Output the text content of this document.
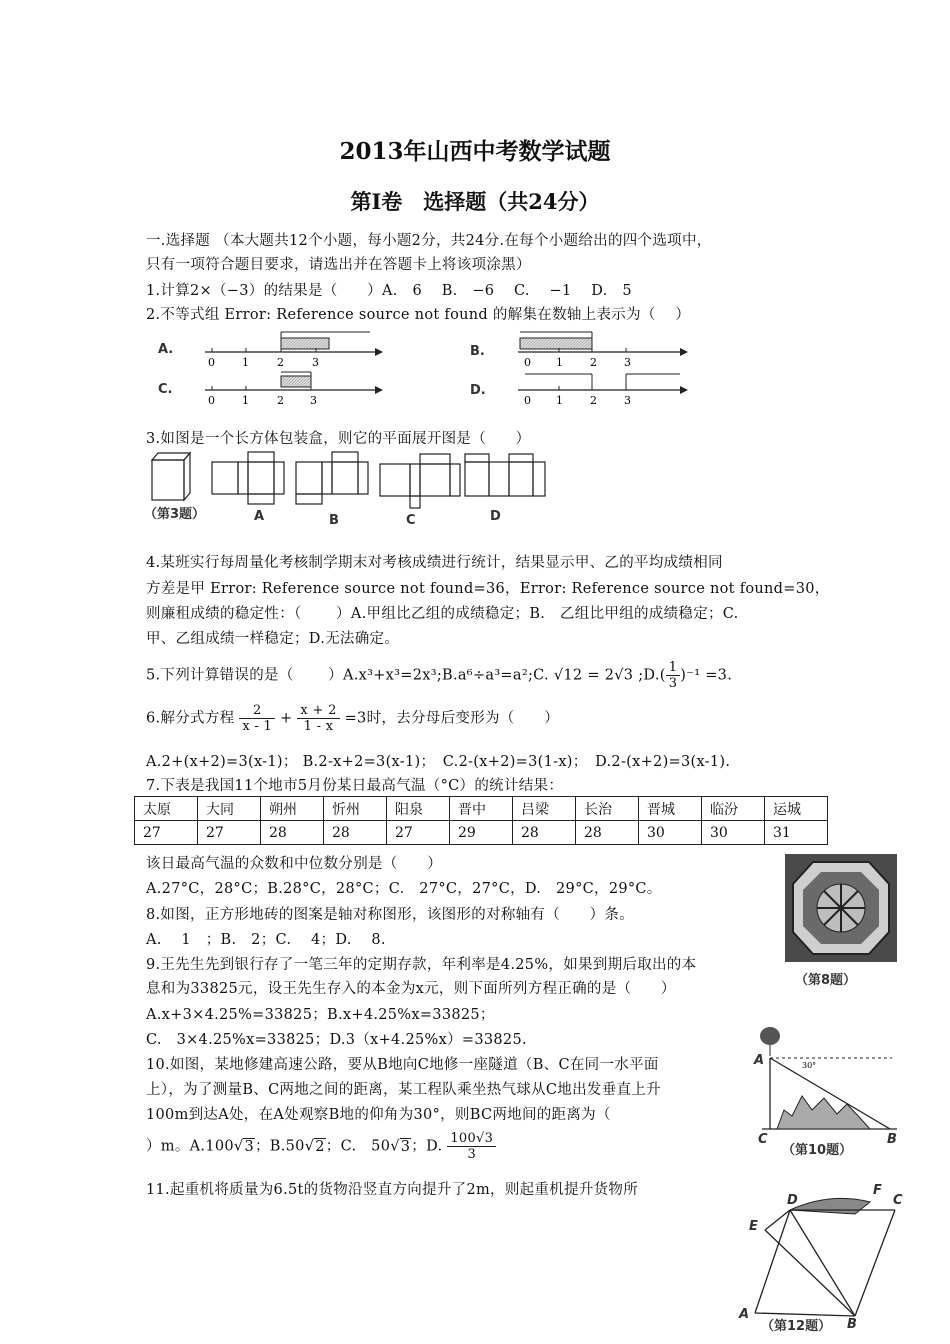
2013年山西中考数学试题
第Ⅰ卷　选择题（共24分）
一.选择题 （本大题共12个小题，每小题2分，共24分.在每个小题给出的四个选项中，
只有一项符合题目要求，请选出并在答题卡上将该项涂黑）
1.计算2×（−3）的结果是（　　）A.　6　 B.　−6　 C.　 −1　 D.　5
2.不等式组 Error: Reference source not found 的解集在数轴上表示为（　 ）
A.
0 1	2	3
B.
0 1 2 3
C.
0 1	2 3
D.
0 1 2 3
3.如图是一个长方体包装盒，则它的平面展开图是（　　）
（第3题）	A	B	C	D
4.某班实行每周量化考核制学期末对考核成绩进行统计，结果显示甲、乙的平均成绩相同
方差是甲 Error: Reference source not found=36，Error: Reference source not found=30，
则廉租成绩的稳定性：（　　 ）A.甲组比乙组的成绩稳定；B.　乙组比甲组的成绩稳定；C.
甲、乙组成绩一样稳定；D.无法确定。
5.下列计算错误的是（　　 ）A.x³+x³=2x³;B.a⁶÷a³=a²;C. √12 = 2√3 ;D.( $\frac{1}{3} )^{-1} =3$.
6.解分式方程 $\frac{2}{x - 1} + \frac{x + 2}{1 - x} =3$时，去分母后变形为（　　）
A.2+(x+2)=3(x-1)； B.2-x+2=3(x-1)；　C.2-(x+2)=3(1-x)；　D.2-(x+2)=3(x-1).
7.下表是我国11个地市5月份某日最高气温（°C）的统计结果：
太原	大同	朔州	忻州	阳泉	晋中	吕梁	长治	晋城	临汾	运城
27	27	28	28	27	29	28	28	30	30	31
该日最高气温的众数和中位数分别是（　　）
A.27°C，28°C；B.28°C，28°C；C.　27°C，27°C，D.　29°C，29°C。
8.如图，正方形地砖的图案是轴对称图形，该图形的对称轴有（　　）条。
A.　 1　；B.　2；C.　 4；D.　 8.
（第8题）
9.王先生先到银行存了一笔三年的定期存款，年利率是4.25%，如果到期后取出的本
息和为33825元，设王先生存入的本金为x元，则下面所列方程正确的是（　　）
A.x+3×4.25%=33825；B.x+4.25%x=33825；
C.　3×4.25%x=33825；D.3（x+4.25%x）=33825.
10.如图，某地修建高速公路，要从B地向C地修一座隧道（B、C在同一水平面
上），为了测量B、C两地之间的距离，某工程队乘坐热气球从C地出发垂直上升
100m到达A处，在A处观察B地的仰角为30°，则BC两地间的距离为（
）m。A.100√3；B.50√2；C.　50√3；D. $\frac{100√3}{3}$
A	30°
C	B
（第10题）
11.起重机将质量为6.5t的货物沿竖直方向提升了2m，则起重机提升货物所
D
F
C
E
A
B
（第12题）
